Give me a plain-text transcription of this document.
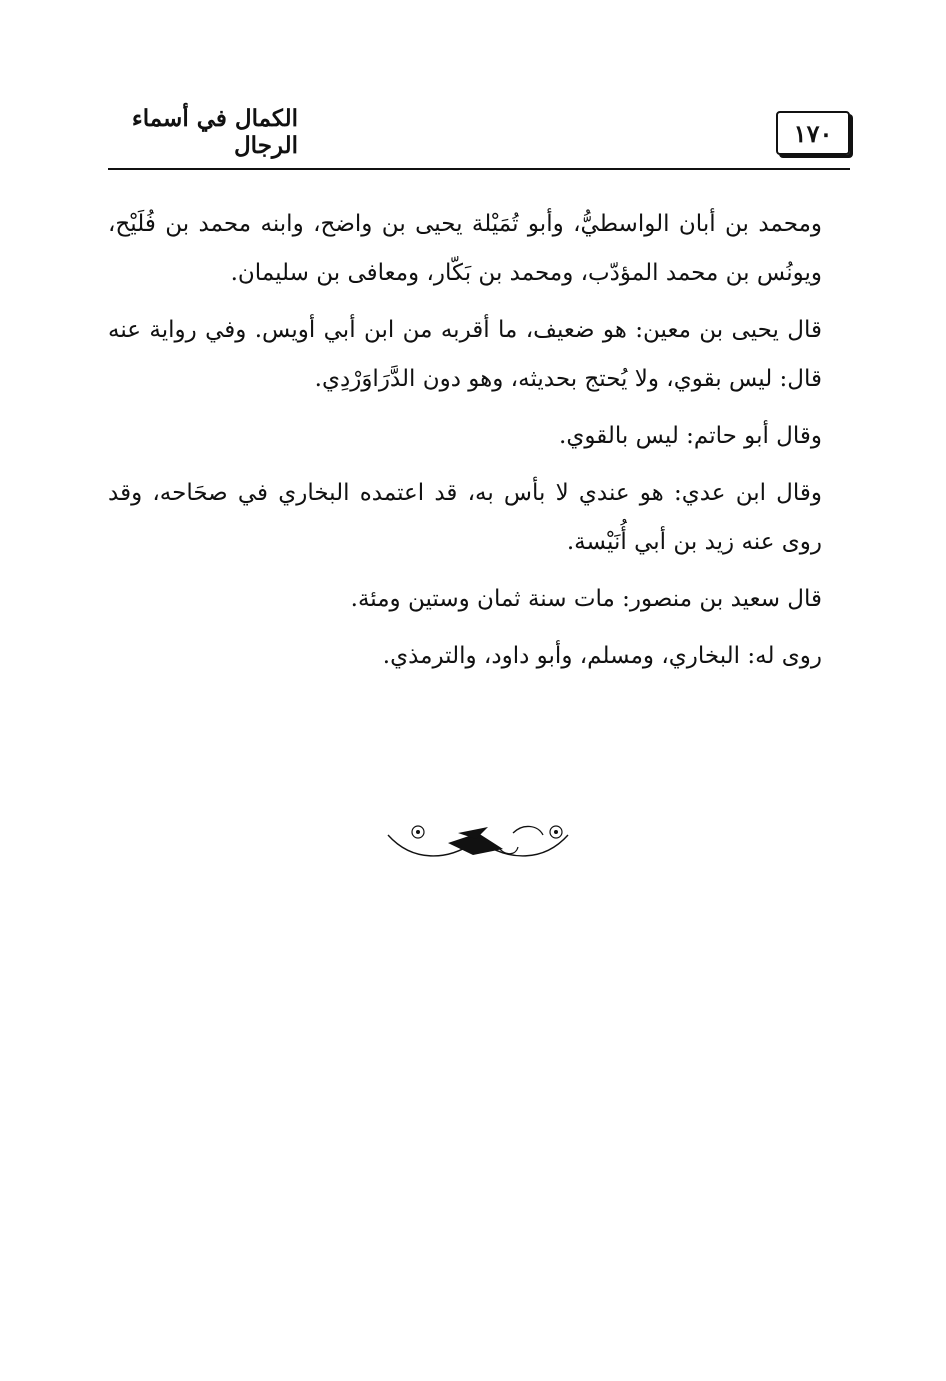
١٧٠
الكمال في أسماء الرجال

ومحمد بن أبان الواسطيُّ، وأبو تُمَيْلة يحيى بن واضح، وابنه محمد بن فُلَيْح، ويونُس بن محمد المؤدّب، ومحمد بن بَكّار، ومعافى بن سليمان.

قال يحيى بن معين: هو ضعيف، ما أقربه من ابن أبي أويس. وفي رواية عنه قال: ليس بقوي، ولا يُحتج بحديثه، وهو دون الدَّرَاوَرْدِي.

وقال أبو حاتم: ليس بالقوي.

وقال ابن عدي: هو عندي لا بأس به، قد اعتمده البخاري في صحَاحه، وقد روى عنه زيد بن أبي أُنَيْسة.

قال سعيد بن منصور: مات سنة ثمان وستين ومئة.

روى له: البخاري، ومسلم، وأبو داود، والترمذي.
